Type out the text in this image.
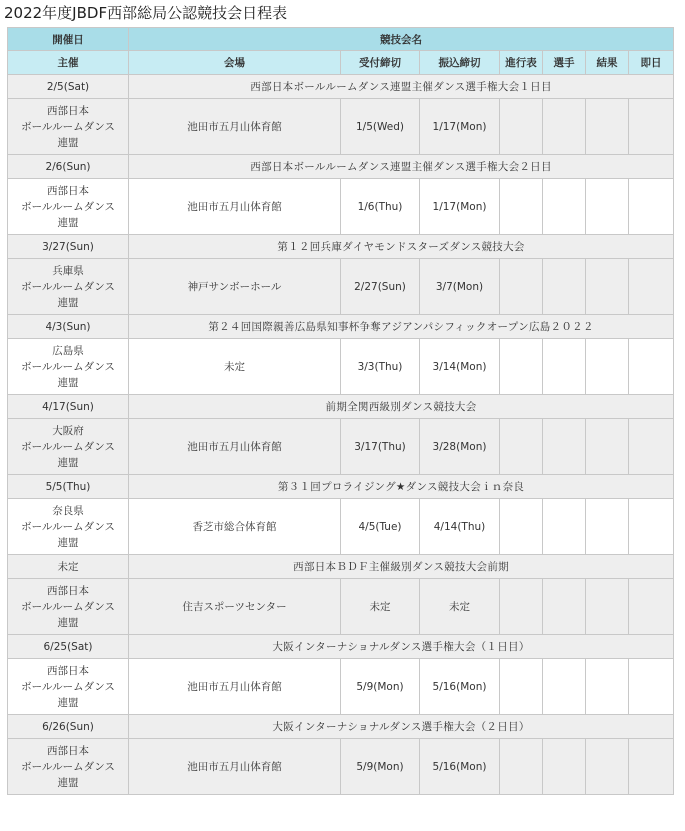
2022年度JBDF西部総局公認競技会日程表
開催日	競技会名						
主催	会場	受付締切	振込締切	進行表	選手	結果	即日
2/5(Sat)	西部日本ボールルームダンス連盟主催ダンス選手権大会１日目						

西部日本
ボールルームダンス
連盟	池田市五月山体育館	1/5(Wed)	1/17(Mon)				
2/6(Sun)	西部日本ボールルームダンス連盟主催ダンス選手権大会２日目						

西部日本
ボールルームダンス
連盟	池田市五月山体育館	1/6(Thu)	1/17(Mon)				
3/27(Sun)	第１２回兵庫ダイヤモンドスターズダンス競技大会						

兵庫県
ボールルームダンス
連盟	神戸サンボーホール	2/27(Sun)	3/7(Mon)				
4/3(Sun)	第２４回国際親善広島県知事杯争奪アジアンパシフィックオープン広島２０２２						

広島県
ボールルームダンス
連盟	未定	3/3(Thu)	3/14(Mon)				
4/17(Sun)	前期全関西級別ダンス競技大会						

大阪府
ボールルームダンス
連盟	池田市五月山体育館	3/17(Thu)	3/28(Mon)				
5/5(Thu)	第３１回プロライジング★ダンス競技大会ｉｎ奈良						

奈良県
ボールルームダンス
連盟	香芝市総合体育館	4/5(Tue)	4/14(Thu)				
未定	西部日本ＢＤＦ主催級別ダンス競技大会前期						

西部日本
ボールルームダンス
連盟	住吉スポーツセンター	未定	未定				
6/25(Sat)	大阪インターナショナルダンス選手権大会（１日目）						

西部日本
ボールルームダンス
連盟	池田市五月山体育館	5/9(Mon)	5/16(Mon)				
6/26(Sun)	大阪インターナショナルダンス選手権大会（２日目）						

西部日本
ボールルームダンス
連盟	池田市五月山体育館	5/9(Mon)	5/16(Mon)				
